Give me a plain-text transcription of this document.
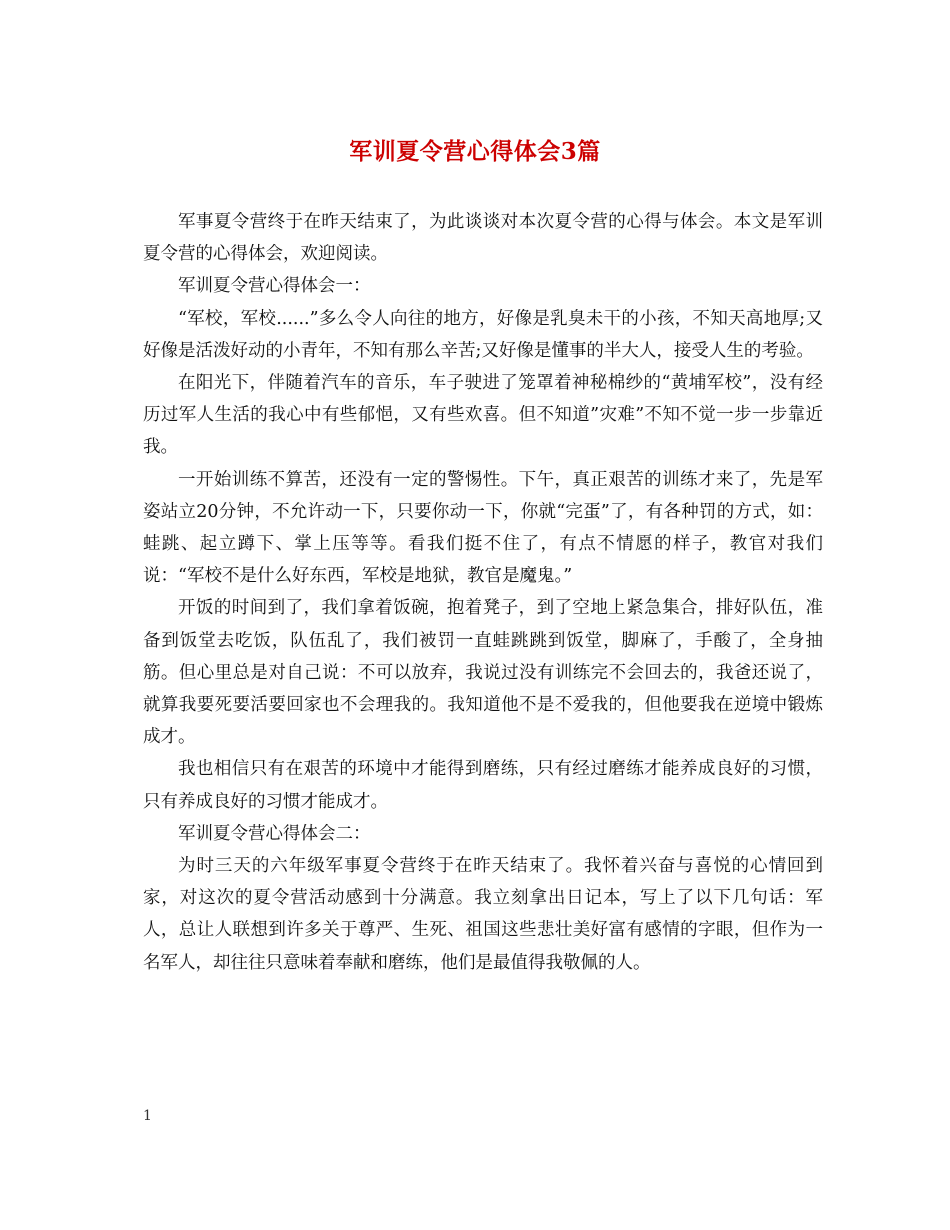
军训夏令营心得体会3篇

军事夏令营终于在昨天结束了，为此谈谈对本次夏令营的心得与体会。本文是军训夏令营的心得体会，欢迎阅读。

军训夏令营心得体会一：

“军校，军校......”多么令人向往的地方，好像是乳臭未干的小孩，不知天高地厚;又好像是活泼好动的小青年，不知有那么辛苦;又好像是懂事的半大人，接受人生的考验。

在阳光下，伴随着汽车的音乐，车子驶进了笼罩着神秘棉纱的“黄埔军校”，没有经历过军人生活的我心中有些郁悒，又有些欢喜。但不知道”灾难”不知不觉一步一步靠近我。

一开始训练不算苦，还没有一定的警惕性。下午，真正艰苦的训练才来了，先是军姿站立20分钟，不允许动一下，只要你动一下，你就“完蛋”了，有各种罚的方式，如：蛙跳、起立蹲下、掌上压等等。看我们挺不住了，有点不情愿的样子，教官对我们说：“军校不是什么好东西，军校是地狱，教官是魔鬼。”

开饭的时间到了，我们拿着饭碗，抱着凳子，到了空地上紧急集合，排好队伍，准备到饭堂去吃饭，队伍乱了，我们被罚一直蛙跳跳到饭堂，脚麻了，手酸了，全身抽筋。但心里总是对自己说：不可以放弃，我说过没有训练完不会回去的，我爸还说了，就算我要死要活要回家也不会理我的。我知道他不是不爱我的，但他要我在逆境中锻炼成才。

我也相信只有在艰苦的环境中才能得到磨练，只有经过磨练才能养成良好的习惯，只有养成良好的习惯才能成才。

军训夏令营心得体会二：

为时三天的六年级军事夏令营终于在昨天结束了。我怀着兴奋与喜悦的心情回到家，对这次的夏令营活动感到十分满意。我立刻拿出日记本，写上了以下几句话：军人，总让人联想到许多关于尊严、生死、祖国这些悲壮美好富有感情的字眼，但作为一名军人，却往往只意味着奉献和磨练，他们是最值得我敬佩的人。

1
